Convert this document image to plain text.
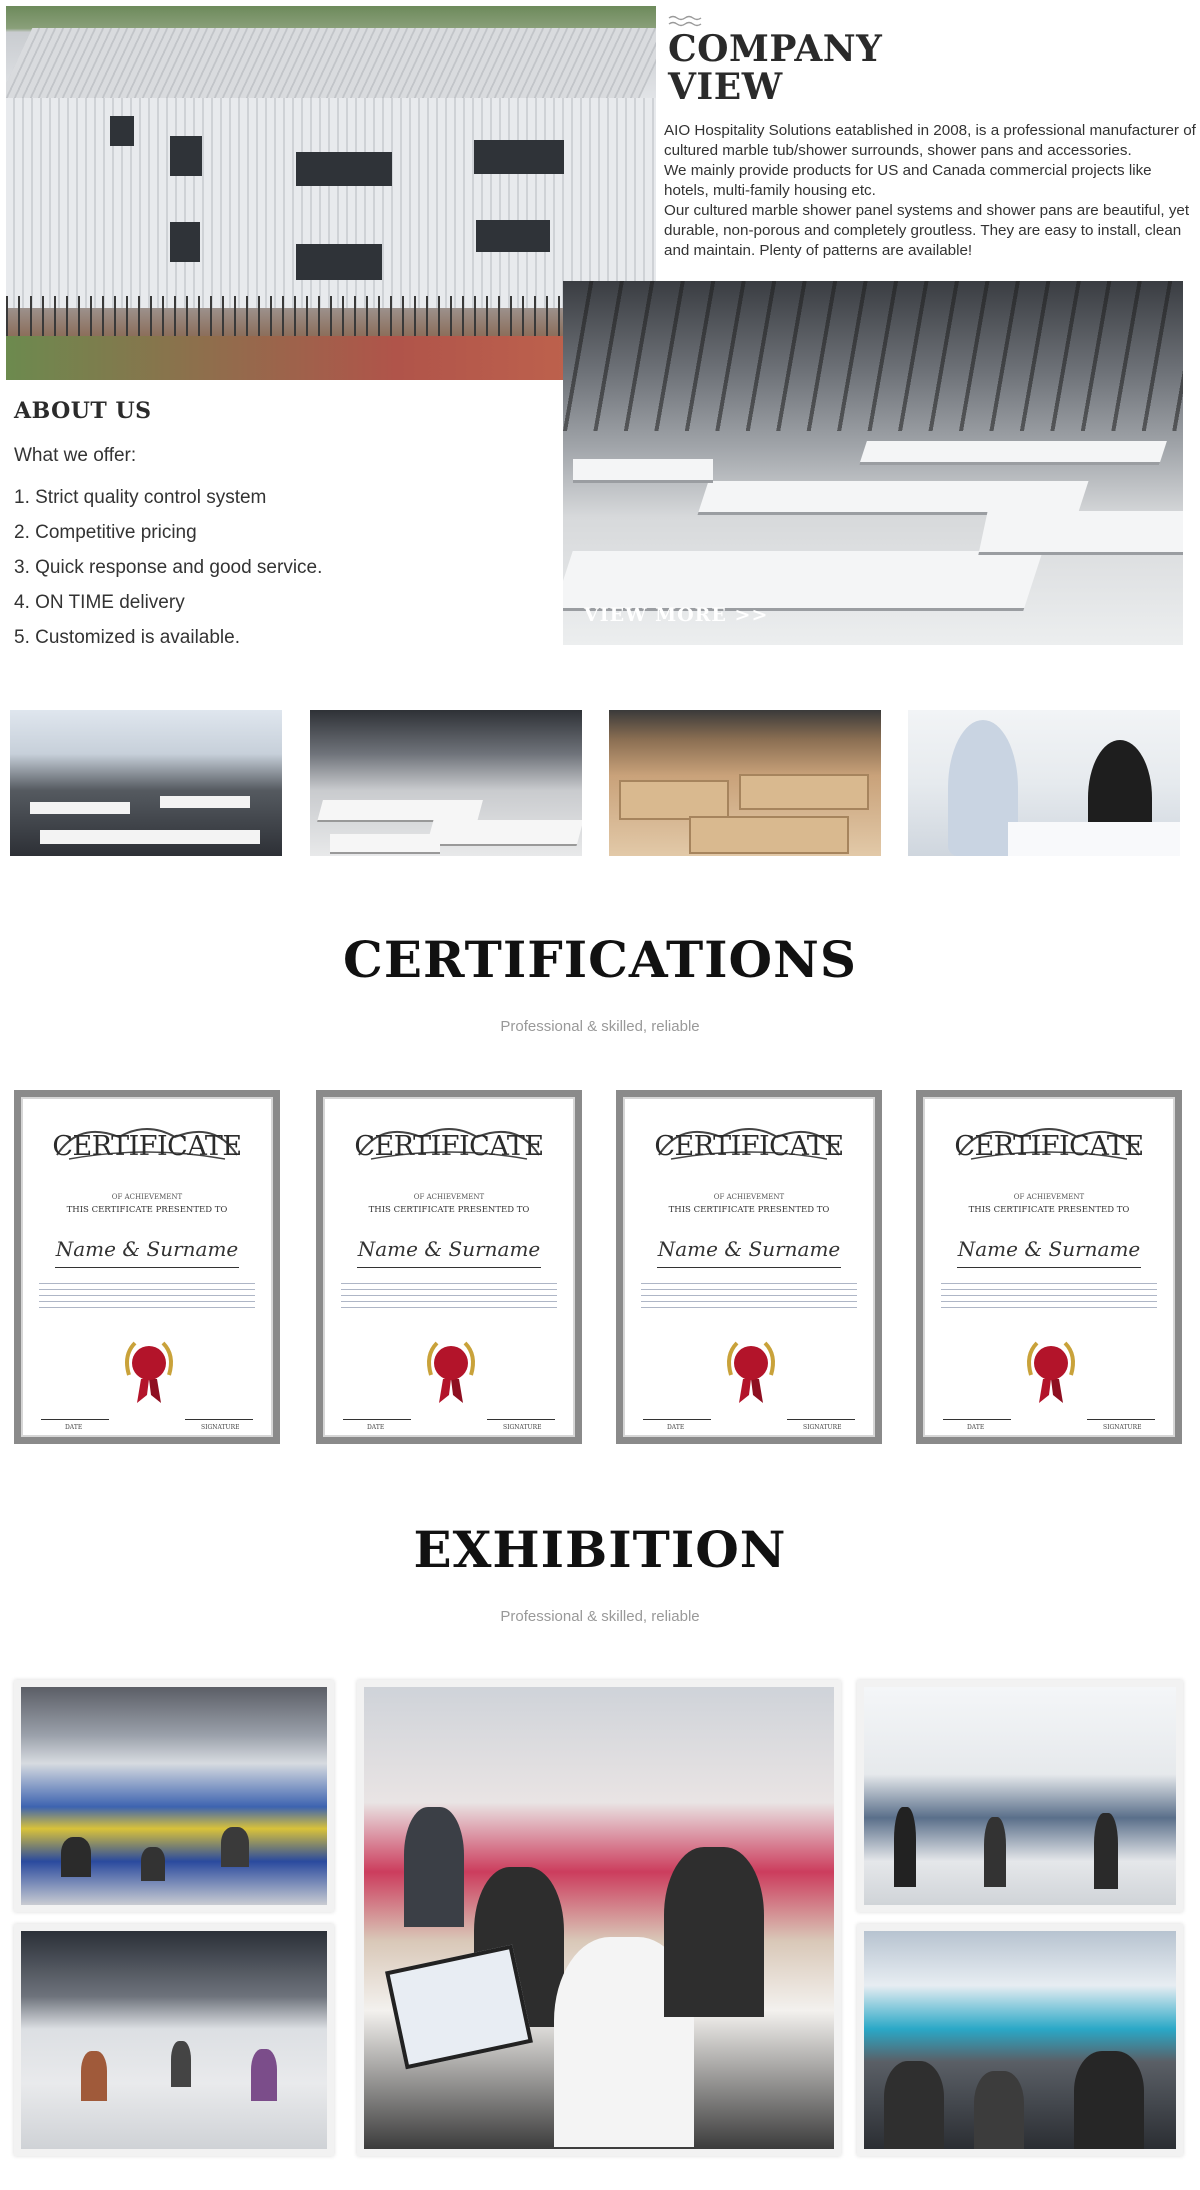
COMPANY
VIEW

AIO Hospitality Solutions eatablished in 2008, is a professional manufacturer of cultured marble tub/shower surrounds, shower pans and accessories.

We mainly provide products for US and Canada commercial projects like hotels, multi-family housing etc.

Our cultured marble shower panel systems and shower pans are beautiful, yet durable, non-porous and completely groutless. They are easy to install, clean and maintain. Plenty of patterns are available!

VIEW MORE >>
ABOUT US
What we offer:
1. Strict quality control system
2. Competitive pricing
3. Quick response and good service.
4. ON TIME delivery
5. Customized is available.
CERTIFICATIONS
Professional & skilled, reliable
CERTIFICATE
OF ACHIEVEMENT
THIS CERTIFICATE PRESENTED TO
Name & Surname
DATE	SIGNATURE
CERTIFICATE
OF ACHIEVEMENT
THIS CERTIFICATE PRESENTED TO
Name & Surname
DATE	SIGNATURE
CERTIFICATE
OF ACHIEVEMENT
THIS CERTIFICATE PRESENTED TO
Name & Surname
DATE	SIGNATURE
CERTIFICATE
OF ACHIEVEMENT
THIS CERTIFICATE PRESENTED TO
Name & Surname
DATE	SIGNATURE
EXHIBITION
Professional & skilled, reliable
